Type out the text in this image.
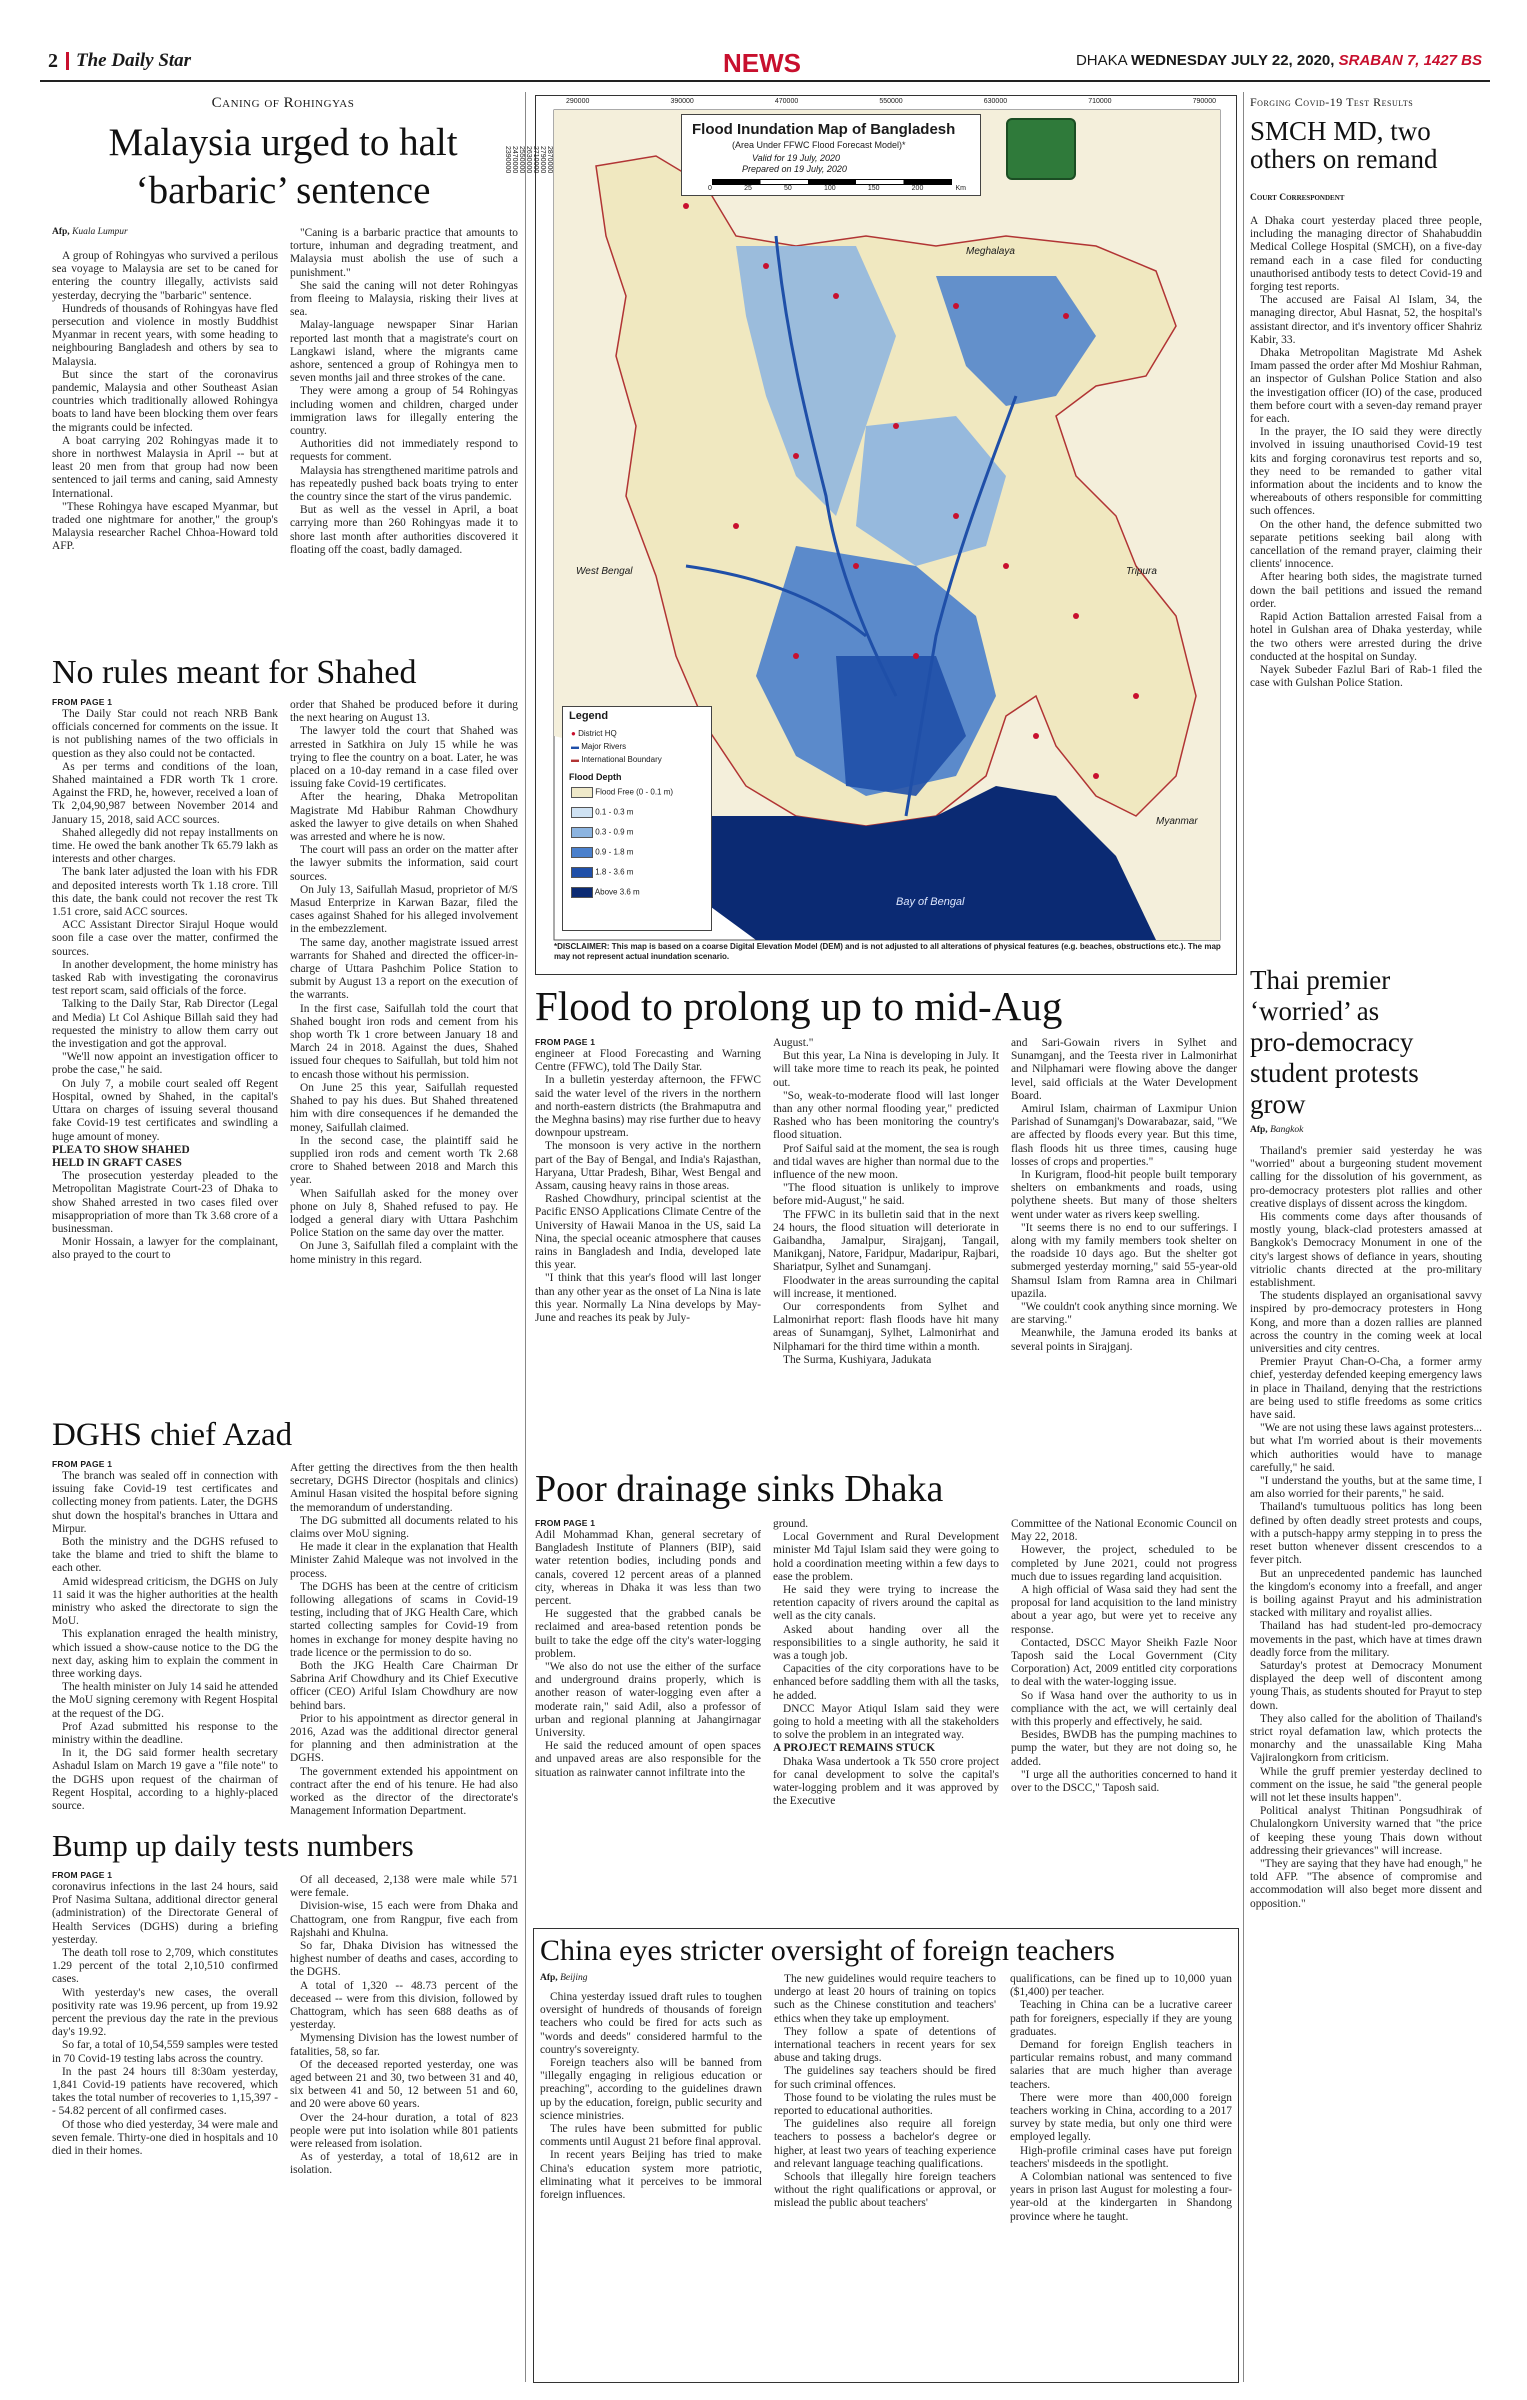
2 The Daily Star	NEWS	DHAKA WEDNESDAY JULY 22, 2020, SRABAN 7, 1427 BS
Caning of Rohingyas
Malaysia urged to halt
‘barbaric’ sentence
Afp, Kuala Lumpur

A group of Rohingyas who survived a perilous sea voyage to Malaysia are set to be caned for entering the country illegally, activists said yesterday, decrying the "barbaric" sentence.

Hundreds of thousands of Rohingyas have fled persecution and violence in mostly Buddhist Myanmar in recent years, with some heading to neighbouring Bangladesh and others by sea to Malaysia.

But since the start of the coronavirus pandemic, Malaysia and other Southeast Asian countries which traditionally allowed Rohingya boats to land have been blocking them over fears the migrants could be infected.

A boat carrying 202 Rohingyas made it to shore in northwest Malaysia in April -- but at least 20 men from that group had now been sentenced to jail terms and caning, said Amnesty International.

"These Rohingya have escaped Myanmar, but traded one nightmare for another," the group's Malaysia researcher Rachel Chhoa-Howard told AFP.

"Caning is a barbaric practice that amounts to torture, inhuman and degrading treatment, and Malaysia must abolish the use of such a punishment."

She said the caning will not deter Rohingyas from fleeing to Malaysia, risking their lives at sea.

Malay-language newspaper Sinar Harian reported last month that a magistrate's court on Langkawi island, where the migrants came ashore, sentenced a group of Rohingya men to seven months jail and three strokes of the cane.

They were among a group of 54 Rohingyas including women and children, charged under immigration laws for illegally entering the country.

Authorities did not immediately respond to requests for comment.

Malaysia has strengthened maritime patrols and has repeatedly pushed back boats trying to enter the country since the start of the virus pandemic.

But as well as the vessel in April, a boat carrying more than 260 Rohingyas made it to shore last month after authorities discovered it floating off the coast, badly damaged.

No rules meant for Shahed
FROM PAGE 1

The Daily Star could not reach NRB Bank officials concerned for comments on the issue. It is not publishing names of the two officials in question as they also could not be contacted.

As per terms and conditions of the loan, Shahed maintained a FDR worth Tk 1 crore. Against the FRD, he, however, received a loan of Tk 2,04,90,987 between November 2014 and January 15, 2018, said ACC sources.

Shahed allegedly did not repay installments on time. He owed the bank another Tk 65.79 lakh as interests and other charges.

The bank later adjusted the loan with his FDR and deposited interests worth Tk 1.18 crore. Till this date, the bank could not recover the rest Tk 1.51 crore, said ACC sources.

ACC Assistant Director Sirajul Hoque would soon file a case over the matter, confirmed the sources.

In another development, the home ministry has tasked Rab with investigating the coronavirus test report scam, said officials of the force.

Talking to the Daily Star, Rab Director (Legal and Media) Lt Col Ashique Billah said they had requested the ministry to allow them carry out the investigation and got the approval.

"We'll now appoint an investigation officer to probe the case," he said.

On July 7, a mobile court sealed off Regent Hospital, owned by Shahed, in the capital's Uttara on charges of issuing several thousand fake Covid-19 test certificates and swindling a huge amount of money.

PLEA TO SHOW SHAHED

HELD IN GRAFT CASES

The prosecution yesterday pleaded to the Metropolitan Magistrate Court-23 of Dhaka to show Shahed arrested in two cases filed over misappropriation of more than Tk 3.68 crore of a businessman.

Monir Hossain, a lawyer for the complainant, also prayed to the court to

order that Shahed be produced before it during the next hearing on August 13.

The lawyer told the court that Shahed was arrested in Satkhira on July 15 while he was trying to flee the country on a boat. Later, he was placed on a 10-day remand in a case filed over issuing fake Covid-19 certificates.

After the hearing, Dhaka Metropolitan Magistrate Md Habibur Rahman Chowdhury asked the lawyer to give details on when Shahed was arrested and where he is now.

The court will pass an order on the matter after the lawyer submits the information, said court sources.

On July 13, Saifullah Masud, proprietor of M/S Masud Enterprize in Karwan Bazar, filed the cases against Shahed for his alleged involvement in the embezzlement.

The same day, another magistrate issued arrest warrants for Shahed and directed the officer-in-charge of Uttara Pashchim Police Station to submit by August 13 a report on the execution of the warrants.

In the first case, Saifullah told the court that Shahed bought iron rods and cement from his shop worth Tk 1 crore between January 18 and March 24 in 2018. Against the dues, Shahed issued four cheques to Saifullah, but told him not to encash those without his permission.

On June 25 this year, Saifullah requested Shahed to pay his dues. But Shahed threatened him with dire consequences if he demanded the money, Saifullah claimed.

In the second case, the plaintiff said he supplied iron rods and cement worth Tk 2.68 crore to Shahed between 2018 and March this year.

When Saifullah asked for the money over phone on July 8, Shahed refused to pay. He lodged a general diary with Uttara Pashchim Police Station on the same day over the matter.

On June 3, Saifullah filed a complaint with the home ministry in this regard.

DGHS chief Azad
FROM PAGE 1

The branch was sealed off in connection with issuing fake Covid-19 test certificates and collecting money from patients. Later, the DGHS shut down the hospital's branches in Uttara and Mirpur.

Both the ministry and the DGHS refused to take the blame and tried to shift the blame to each other.

Amid widespread criticism, the DGHS on July 11 said it was the higher authorities at the health ministry who asked the directorate to sign the MoU.

This explanation enraged the health ministry, which issued a show-cause notice to the DG the next day, asking him to explain the comment in three working days.

The health minister on July 14 said he attended the MoU signing ceremony with Regent Hospital at the request of the DG.

Prof Azad submitted his response to the ministry within the deadline.

In it, the DG said former health secretary Ashadul Islam on March 19 gave a "file note" to the DGHS upon request of the chairman of Regent Hospital, according to a highly-placed source.

After getting the directives from the then health secretary, DGHS Director (hospitals and clinics) Aminul Hasan visited the hospital before signing the memorandum of understanding.

The DG submitted all documents related to his claims over MoU signing.

He made it clear in the explanation that Health Minister Zahid Maleque was not involved in the process.

The DGHS has been at the centre of criticism following allegations of scams in Covid-19 testing, including that of JKG Health Care, which started collecting samples for Covid-19 from homes in exchange for money despite having no trade licence or the permission to do so.

Both the JKG Health Care Chairman Dr Sabrina Arif Chowdhury and its Chief Executive officer (CEO) Ariful Islam Chowdhury are now behind bars.

Prior to his appointment as director general in 2016, Azad was the additional director general for planning and then administration at the DGHS.

The government extended his appointment on contract after the end of his tenure. He had also worked as the director of the directorate's Management Information Department.

Bump up daily tests numbers
FROM PAGE 1

coronavirus infections in the last 24 hours, said Prof Nasima Sultana, additional director general (administration) of the Directorate General of Health Services (DGHS) during a briefing yesterday.

The death toll rose to 2,709, which constitutes 1.29 percent of the total 2,10,510 confirmed cases.

With yesterday's new cases, the overall positivity rate was 19.96 percent, up from 19.92 percent the previous day the rate in the previous day's 19.92.

So far, a total of 10,54,559 samples were tested in 70 Covid-19 testing labs across the country.

In the past 24 hours till 8:30am yesterday, 1,841 Covid-19 patients have recovered, which takes the total number of recoveries to 1,15,397 -- 54.82 percent of all confirmed cases.

Of those who died yesterday, 34 were male and seven female. Thirty-one died in hospitals and 10 died in their homes.

Of all deceased, 2,138 were male while 571 were female.

Division-wise, 15 each were from Dhaka and Chattogram, one from Rangpur, five each from Rajshahi and Khulna.

So far, Dhaka Division has witnessed the highest number of deaths and cases, according to the DGHS.

A total of 1,320 -- 48.73 percent of the deceased -- were from this division, followed by Chattogram, which has seen 688 deaths as of yesterday.

Mymensing Division has the lowest number of fatalities, 58, so far.

Of the deceased reported yesterday, one was aged between 21 and 30, two between 31 and 40, six between 41 and 50, 12 between 51 and 60, and 20 were above 60 years.

Over the 24-hour duration, a total of 823 people were put into isolation while 801 patients were released from isolation.

As of yesterday, a total of 18,612 are in isolation.

Flood Inundation Map of Bangladesh
(Area Under FFWC Flood Forecast Model)*
Valid for 19 July, 2020
Prepared on 19 July, 2020
0	25	50	100	150	200	Km
290000	390000	470000	550000	630000	710000	790000
2870000
2790000
2710000
2630000
2550000
2470000
2390000
Meghalaya
West Bengal	Tripura
Myanmar
Bay of Bengal
Legend
● District HQ
▬ Major Rivers
▬ International Boundary
Flood Depth
Flood Free (0 - 0.1 m)
0.1 - 0.3 m
0.3 - 0.9 m
0.9 - 1.8 m
1.8 - 3.6 m
Above 3.6 m
*DISCLAIMER: This map is based on a coarse Digital Elevation Model (DEM) and is not adjusted to all alterations of physical features (e.g. beaches, obstructions etc.). The map may not represent actual inundation scenario.
Flood to prolong up to mid-Aug
FROM PAGE 1

engineer at Flood Forecasting and Warning Centre (FFWC), told The Daily Star.

In a bulletin yesterday afternoon, the FFWC said the water level of the rivers in the northern and north-eastern districts (the Brahmaputra and the Meghna basins) may rise further due to heavy downpour upstream.

The monsoon is very active in the northern part of the Bay of Bengal, and India's Rajasthan, Haryana, Uttar Pradesh, Bihar, West Bengal and Assam, causing heavy rains in those areas.

Rashed Chowdhury, principal scientist at the Pacific ENSO Applications Climate Centre of the University of Hawaii Manoa in the US, said La Nina, the special oceanic atmosphere that causes rains in Bangladesh and India, developed late this year.

"I think that this year's flood will last longer than any other year as the onset of La Nina is late this year. Normally La Nina develops by May-June and reaches its peak by July-

August."

But this year, La Nina is developing in July. It will take more time to reach its peak, he pointed out.

"So, weak-to-moderate flood will last longer than any other normal flooding year," predicted Rashed who has been monitoring the country's flood situation.

Prof Saiful said at the moment, the sea is rough and tidal waves are higher than normal due to the influence of the new moon.

"The flood situation is unlikely to improve before mid-August," he said.

The FFWC in its bulletin said that in the next 24 hours, the flood situation will deteriorate in Gaibandha, Jamalpur, Sirajganj, Tangail, Manikganj, Natore, Faridpur, Madaripur, Rajbari, Shariatpur, Sylhet and Sunamganj.

Floodwater in the areas surrounding the capital will increase, it mentioned.

Our correspondents from Sylhet and Lalmonirhat report: flash floods have hit many areas of Sunamganj, Sylhet, Lalmonirhat and Nilphamari for the third time within a month.

The Surma, Kushiyara, Jadukata

and Sari-Gowain rivers in Sylhet and Sunamganj, and the Teesta river in Lalmonirhat and Nilphamari were flowing above the danger level, said officials at the Water Development Board.

Amirul Islam, chairman of Laxmipur Union Parishad of Sunamganj's Dowarabazar, said, "We are affected by floods every year. But this time, flash floods hit us three times, causing huge losses of crops and properties."

In Kurigram, flood-hit people built temporary shelters on embankments and roads, using polythene sheets. But many of those shelters went under water as rivers keep swelling.

"It seems there is no end to our sufferings. I along with my family members took shelter on the roadside 10 days ago. But the shelter got submerged yesterday morning," said 55-year-old Shamsul Islam from Ramna area in Chilmari upazila.

"We couldn't cook anything since morning. We are starving."

Meanwhile, the Jamuna eroded its banks at several points in Sirajganj.

Poor drainage sinks Dhaka
FROM PAGE 1

Adil Mohammad Khan, general secretary of Bangladesh Institute of Planners (BIP), said water retention bodies, including ponds and canals, covered 12 percent areas of a planned city, whereas in Dhaka it was less than two percent.

He suggested that the grabbed canals be reclaimed and area-based retention ponds be built to take the edge off the city's water-logging problem.

"We also do not use the either of the surface and underground drains properly, which is another reason of water-logging even after a moderate rain," said Adil, also a professor of urban and regional planning at Jahangirnagar University.

He said the reduced amount of open spaces and unpaved areas are also responsible for the situation as rainwater cannot infiltrate into the

ground.

Local Government and Rural Development minister Md Tajul Islam said they were going to hold a coordination meeting within a few days to ease the problem.

He said they were trying to increase the retention capacity of rivers around the capital as well as the city canals.

Asked about handing over all the responsibilities to a single authority, he said it was a tough job.

Capacities of the city corporations have to be enhanced before saddling them with all the tasks, he added.

DNCC Mayor Atiqul Islam said they were going to hold a meeting with all the stakeholders to solve the problem in an integrated way.

A PROJECT REMAINS STUCK

Dhaka Wasa undertook a Tk 550 crore project for canal development to solve the capital's water-logging problem and it was approved by the Executive

Committee of the National Economic Council on May 22, 2018.

However, the project, scheduled to be completed by June 2021, could not progress much due to issues regarding land acquisition.

A high official of Wasa said they had sent the proposal for land acquisition to the land ministry about a year ago, but were yet to receive any response.

Contacted, DSCC Mayor Sheikh Fazle Noor Taposh said the Local Government (City Corporation) Act, 2009 entitled city corporations to deal with the water-logging issue.

So if Wasa hand over the authority to us in compliance with the act, we will certainly deal with this properly and effectively, he said.

Besides, BWDB has the pumping machines to pump the water, but they are not doing so, he added.

"I urge all the authorities concerned to hand it over to the DSCC," Taposh said.

China eyes stricter oversight of foreign teachers
Afp, Beijing

China yesterday issued draft rules to toughen oversight of hundreds of thousands of foreign teachers who could be fired for acts such as "words and deeds" considered harmful to the country's sovereignty.

Foreign teachers also will be banned from "illegally engaging in religious education or preaching", according to the guidelines drawn up by the education, foreign, public security and science ministries.

The rules have been submitted for public comments until August 21 before final approval.

In recent years Beijing has tried to make China's education system more patriotic, eliminating what it perceives to be immoral foreign influences.

The new guidelines would require teachers to undergo at least 20 hours of training on topics such as the Chinese constitution and teachers' ethics when they take up employment.

They follow a spate of detentions of international teachers in recent years for sex abuse and taking drugs.

The guidelines say teachers should be fired for such criminal offences.

Those found to be violating the rules must be reported to educational authorities.

The guidelines also require all foreign teachers to possess a bachelor's degree or higher, at least two years of teaching experience and relevant language teaching qualifications.

Schools that illegally hire foreign teachers without the right qualifications or approval, or mislead the public about teachers'

qualifications, can be fined up to 10,000 yuan ($1,400) per teacher.

Teaching in China can be a lucrative career path for foreigners, especially if they are young graduates.

Demand for foreign English teachers in particular remains robust, and many command salaries that are much higher than average teachers.

There were more than 400,000 foreign teachers working in China, according to a 2017 survey by state media, but only one third were employed legally.

High-profile criminal cases have put foreign teachers' misdeeds in the spotlight.

A Colombian national was sentenced to five years in prison last August for molesting a four-year-old at the kindergarten in Shandong province where he taught.

Forging Covid-19 Test Results
SMCH MD, two others on remand
Court Correspondent

A Dhaka court yesterday placed three people, including the managing director of Shahabuddin Medical College Hospital (SMCH), on a five-day remand each in a case filed for conducting unauthorised antibody tests to detect Covid-19 and forging test reports.

The accused are Faisal Al Islam, 34, the managing director, Abul Hasnat, 52, the hospital's assistant director, and it's inventory officer Shahriz Kabir, 33.

Dhaka Metropolitan Magistrate Md Ashek Imam passed the order after Md Moshiur Rahman, an inspector of Gulshan Police Station and also the investigation officer (IO) of the case, produced them before court with a seven-day remand prayer for each.

In the prayer, the IO said they were directly involved in issuing unauthorised Covid-19 test kits and forging coronavirus test reports and so, they need to be remanded to gather vital information about the incidents and to know the whereabouts of others responsible for committing such offences.

On the other hand, the defence submitted two separate petitions seeking bail along with cancellation of the remand prayer, claiming their clients' innocence.

After hearing both sides, the magistrate turned down the bail petitions and issued the remand order.

Rapid Action Battalion arrested Faisal from a hotel in Gulshan area of Dhaka yesterday, while the two others were arrested during the drive conducted at the hospital on Sunday.

Nayek Subeder Fazlul Bari of Rab-1 filed the case with Gulshan Police Station.

Thai premier
‘worried’ as
pro-democracy
student protests
grow
Afp, Bangkok

Thailand's premier said yesterday he was "worried" about a burgeoning student movement calling for the dissolution of his government, as pro-democracy protesters plot rallies and other creative displays of dissent across the kingdom.

His comments come days after thousands of mostly young, black-clad protesters amassed at Bangkok's Democracy Monument in one of the city's largest shows of defiance in years, shouting vitriolic chants directed at the pro-military establishment.

The students displayed an organisational savvy inspired by pro-democracy protesters in Hong Kong, and more than a dozen rallies are planned across the country in the coming week at local universities and city centres.

Premier Prayut Chan-O-Cha, a former army chief, yesterday defended keeping emergency laws in place in Thailand, denying that the restrictions are being used to stifle freedoms as some critics have said.

"We are not using these laws against protesters... but what I'm worried about is their movements which authorities would have to manage carefully," he said.

"I understand the youths, but at the same time, I am also worried for their parents," he said.

Thailand's tumultuous politics has long been defined by often deadly street protests and coups, with a putsch-happy army stepping in to press the reset button whenever dissent crescendos to a fever pitch.

But an unprecedented pandemic has launched the kingdom's economy into a freefall, and anger is boiling against Prayut and his administration stacked with military and royalist allies.

Thailand has had student-led pro-democracy movements in the past, which have at times drawn deadly force from the military.

Saturday's protest at Democracy Monument displayed the deep well of discontent among young Thais, as students shouted for Prayut to step down.

They also called for the abolition of Thailand's strict royal defamation law, which protects the monarchy and the unassailable King Maha Vajiralongkorn from criticism.

While the gruff premier yesterday declined to comment on the issue, he said "the general people will not let these insults happen".

Political analyst Thitinan Pongsudhirak of Chulalongkorn University warned that "the price of keeping these young Thais down without addressing their grievances" will increase.

"They are saying that they have had enough," he told AFP. "The absence of compromise and accommodation will also beget more dissent and opposition."
